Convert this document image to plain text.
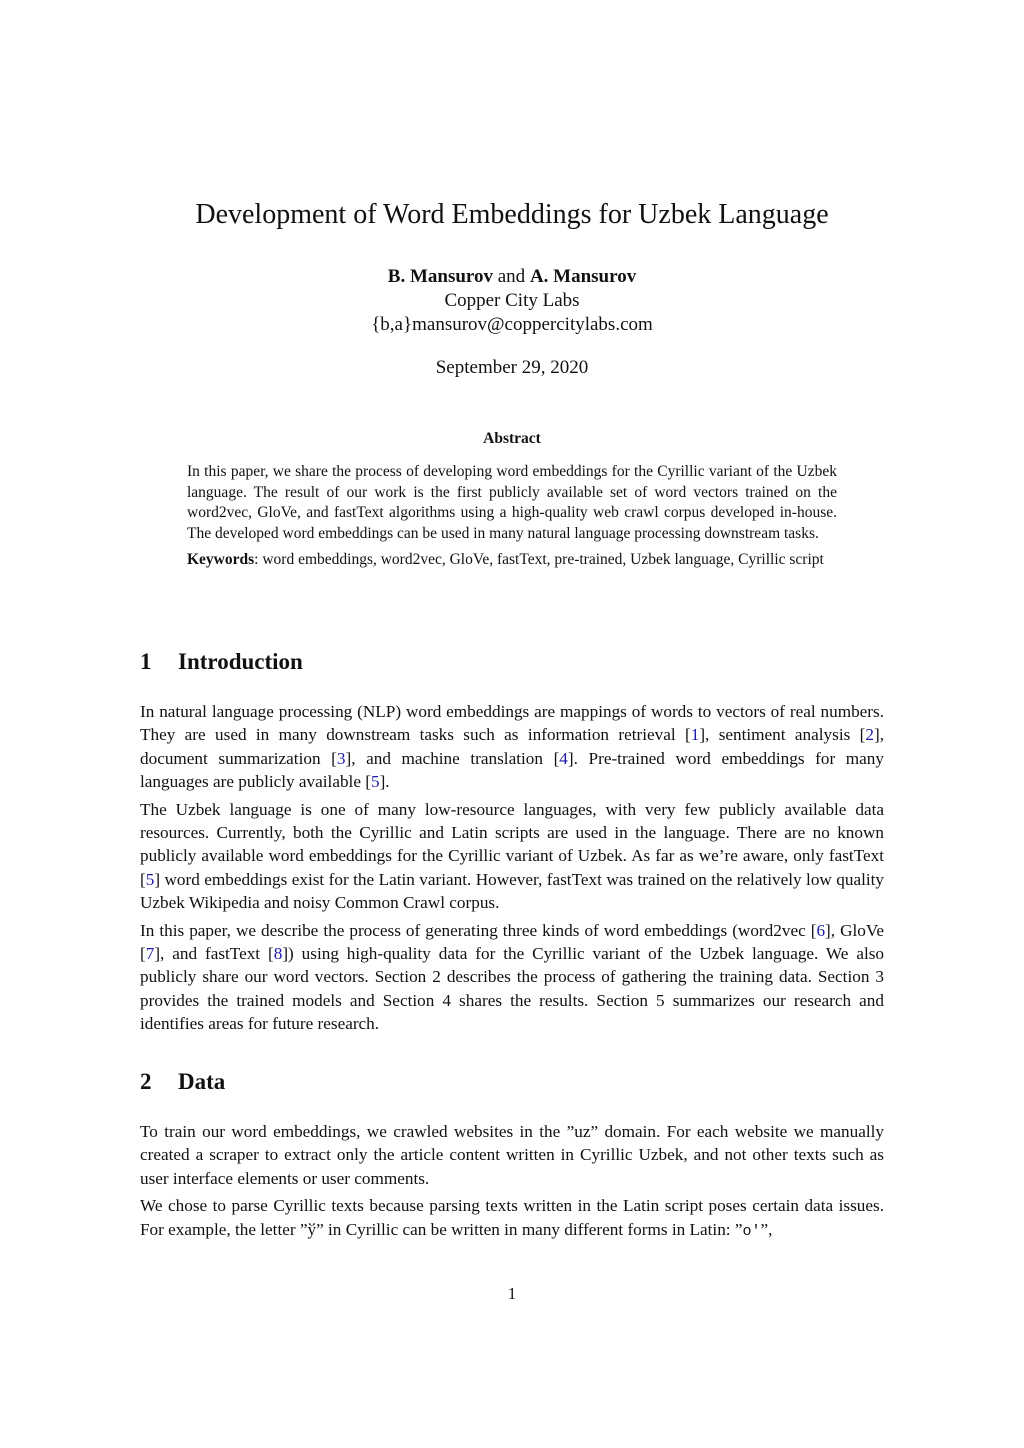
Development of Word Embeddings for Uzbek Language
B. Mansurov and A. Mansurov
Copper City Labs
{b,a}mansurov@coppercitylabs.com
September 29, 2020
Abstract

In this paper, we share the process of developing word embeddings for the Cyrillic variant of the Uzbek language. The result of our work is the first publicly available set of word vectors trained on the word2vec, GloVe, and fastText algorithms using a high-quality web crawl corpus developed in-house. The developed word embeddings can be used in many natural language processing downstream tasks.

Keywords: word embeddings, word2vec, GloVe, fastText, pre-trained, Uzbek language, Cyrillic script

1 Introduction

In natural language processing (NLP) word embeddings are mappings of words to vectors of real numbers. They are used in many downstream tasks such as information retrieval [1], sentiment analysis [2], document summarization [3], and machine translation [4]. Pre-trained word embeddings for many languages are publicly available [5].

The Uzbek language is one of many low-resource languages, with very few publicly available data resources. Currently, both the Cyrillic and Latin scripts are used in the language. There are no known publicly available word embeddings for the Cyrillic variant of Uzbek. As far as we’re aware, only fastText [5] word embeddings exist for the Latin variant. However, fastText was trained on the relatively low quality Uzbek Wikipedia and noisy Common Crawl corpus.

In this paper, we describe the process of generating three kinds of word embeddings (word2vec [6], GloVe [7], and fastText [8]) using high-quality data for the Cyrillic variant of the Uzbek language. We also publicly share our word vectors. Section 2 describes the process of gathering the training data. Section 3 provides the trained models and Section 4 shares the results. Section 5 summarizes our research and identifies areas for future research.

2 Data

To train our word embeddings, we crawled websites in the ”uz” domain. For each website we manually created a scraper to extract only the article content written in Cyrillic Uzbek, and not other texts such as user interface elements or user comments.

We chose to parse Cyrillic texts because parsing texts written in the Latin script poses certain data issues. For example, the letter ”ў” in Cyrillic can be written in many different forms in Latin: ”o'”,

1
